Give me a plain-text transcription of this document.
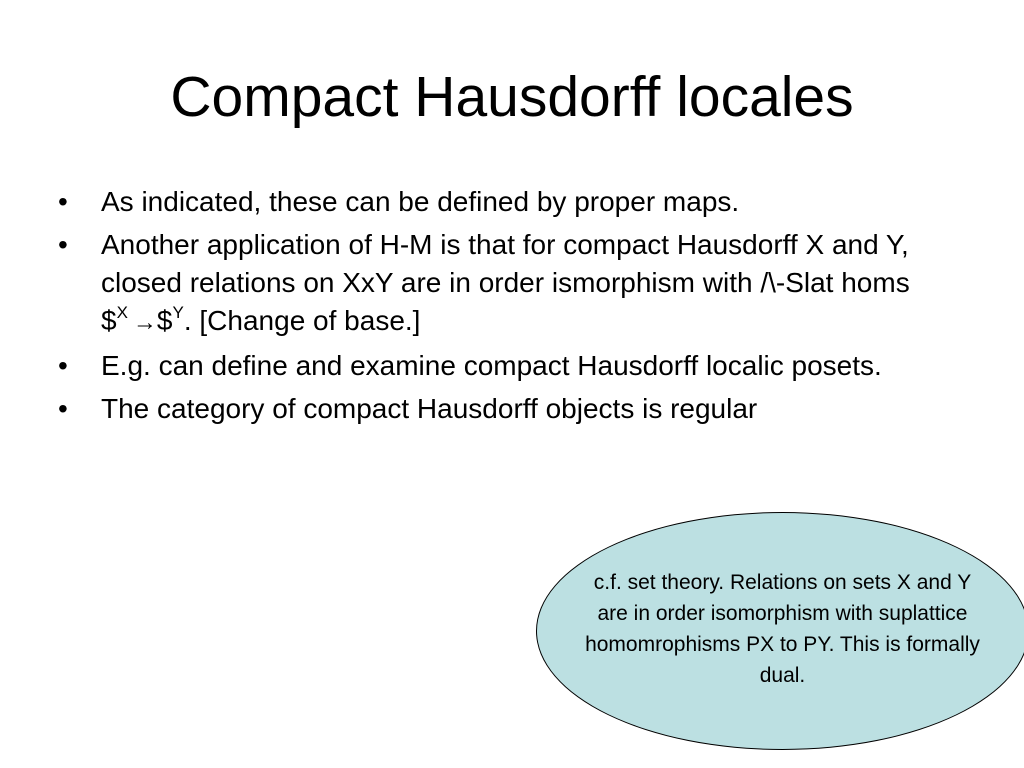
Compact Hausdorff locales
•	As indicated, these can be defined by proper maps.
•	Another application of H-M is that for compact Hausdorff X and Y, closed relations on XxY are in order ismorphism with /\-Slat homs \$$^X$ →\$$^Y$. [Change of base.]
•	E.g. can define and examine compact Hausdorff localic posets.
•	The category of compact Hausdorff objects is regular
c.f. set theory. Relations on sets X and Y are in order isomorphism with suplattice homomrophisms PX to PY. This is formally dual.
